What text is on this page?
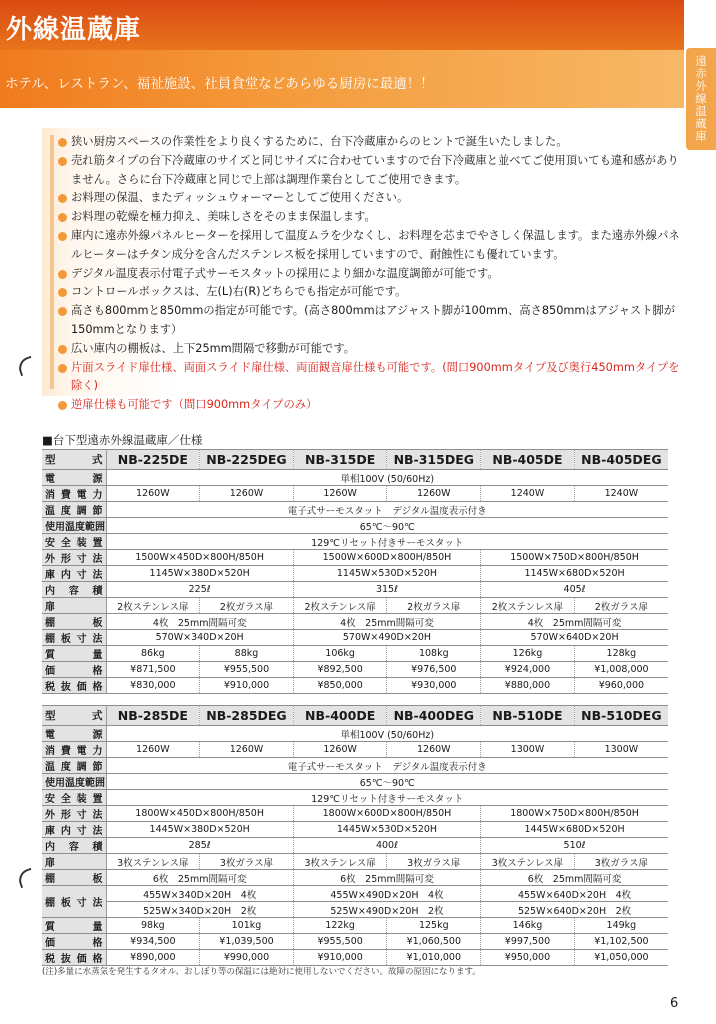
外線温蔵庫
ホテル、レストラン、福祉施設、社員食堂などあらゆる厨房に最適！！	遠赤外線温蔵庫
狭い厨房スペースの作業性をより良くするために、台下冷蔵庫からのヒントで誕生いたしました。
売れ筋タイプの台下冷蔵庫のサイズと同じサイズに合わせていますので台下冷蔵庫と並べてご使用頂いても違和感がありません。さらに台下冷蔵庫と同じで上部は調理作業台としてご使用できます。
お料理の保温、またディッシュウォーマーとしてご使用ください。
お料理の乾燥を極力抑え、美味しさをそのまま保温します。
庫内に遠赤外線パネルヒーターを採用して温度ムラを少なくし、お料理を芯までやさしく保温します。また遠赤外線パネルヒーターはチタン成分を含んだステンレス板を採用していますので、耐蝕性にも優れています。
デジタル温度表示付電子式サーモスタットの採用により細かな温度調節が可能です。
コントロールボックスは、左(L)右(R)どちらでも指定が可能です。
高さも800mmと850mmの指定が可能です。(高さ800mmはアジャスト脚が100mm、高さ850mmはアジャスト脚が150mmとなります）
広い庫内の棚板は、上下25mm間隔で移動が可能です。
片面スライド扉仕様、両面スライド扉仕様、両面観音扉仕様も可能です。(間口900mmタイプ及び奥行450mmタイプを除く)
逆扉仕様も可能です（間口900mmタイプのみ）
■ 台下型遠赤外線温蔵庫／仕様
型　式	NB-225DE	NB-225DEG	NB-315DE	NB-315DEG	NB-405DE	NB-405DEG
電　源	単相100V (50/60Hz)					
消費電力	1260W	1260W	1260W	1260W	1240W	1240W
温度調節	電子式サーモスタット　デジタル温度表示付き					
使用温度範囲	65℃～90℃					
安全装置	129℃リセット付きサーモスタット					
外形寸法	1500W×450D×800H/850H		1500W×600D×800H/850H		1500W×750D×800H/850H	
庫内寸法	1145W×380D×520H		1145W×530D×520H		1145W×680D×520H	
内容積	225ℓ		315ℓ		405ℓ	
扉	2枚ステンレス扉	2枚ガラス扉	2枚ステンレス扉	2枚ガラス扉	2枚ステンレス扉	2枚ガラス扉
棚　板	4枚　25mm間隔可変		4枚　25mm間隔可変		4枚　25mm間隔可変	
棚板寸法	570W×340D×20H		570W×490D×20H		570W×640D×20H	
質　量	86kg	88kg	106kg	108kg	126kg	128kg
価　格	¥871,500	¥955,500	¥892,500	¥976,500	¥924,000	¥1,008,000
税抜価格	¥830,000	¥910,000	¥850,000	¥930,000	¥880,000	¥960,000
型　式	NB-285DE	NB-285DEG	NB-400DE	NB-400DEG	NB-510DE	NB-510DEG
電　源	単相100V (50/60Hz)					
消費電力	1260W	1260W	1260W	1260W	1300W	1300W
温度調節	電子式サーモスタット　デジタル温度表示付き					
使用温度範囲	65℃～90℃					
安全装置	129℃リセット付きサーモスタット					
外形寸法	1800W×450D×800H/850H		1800W×600D×800H/850H		1800W×750D×800H/850H	
庫内寸法	1445W×380D×520H		1445W×530D×520H		1445W×680D×520H	
内容積	285ℓ		400ℓ		510ℓ	
扉	3枚ステンレス扉	3枚ガラス扉	3枚ステンレス扉	3枚ガラス扉	3枚ステンレス扉	3枚ガラス扉
棚　板	6枚　25mm間隔可変		6枚　25mm間隔可変		6枚　25mm間隔可変	
棚板寸法	455W×340D×20H　4枚		455W×490D×20H　4枚		455W×640D×20H　4枚	
	525W×340D×20H　2枚		525W×490D×20H　2枚		525W×640D×20H　2枚	
質　量	98kg	101kg	122kg	125kg	146kg	149kg
価　格	¥934,500	¥1,039,500	¥955,500	¥1,060,500	¥997,500	¥1,102,500
税抜価格	¥890,000	¥990,000	¥910,000	¥1,010,000	¥950,000	¥1,050,000
(注)多量に水蒸気を発生するタオル、おしぼり等の保温には絶対に使用しないでください。故障の原因になります。
6
